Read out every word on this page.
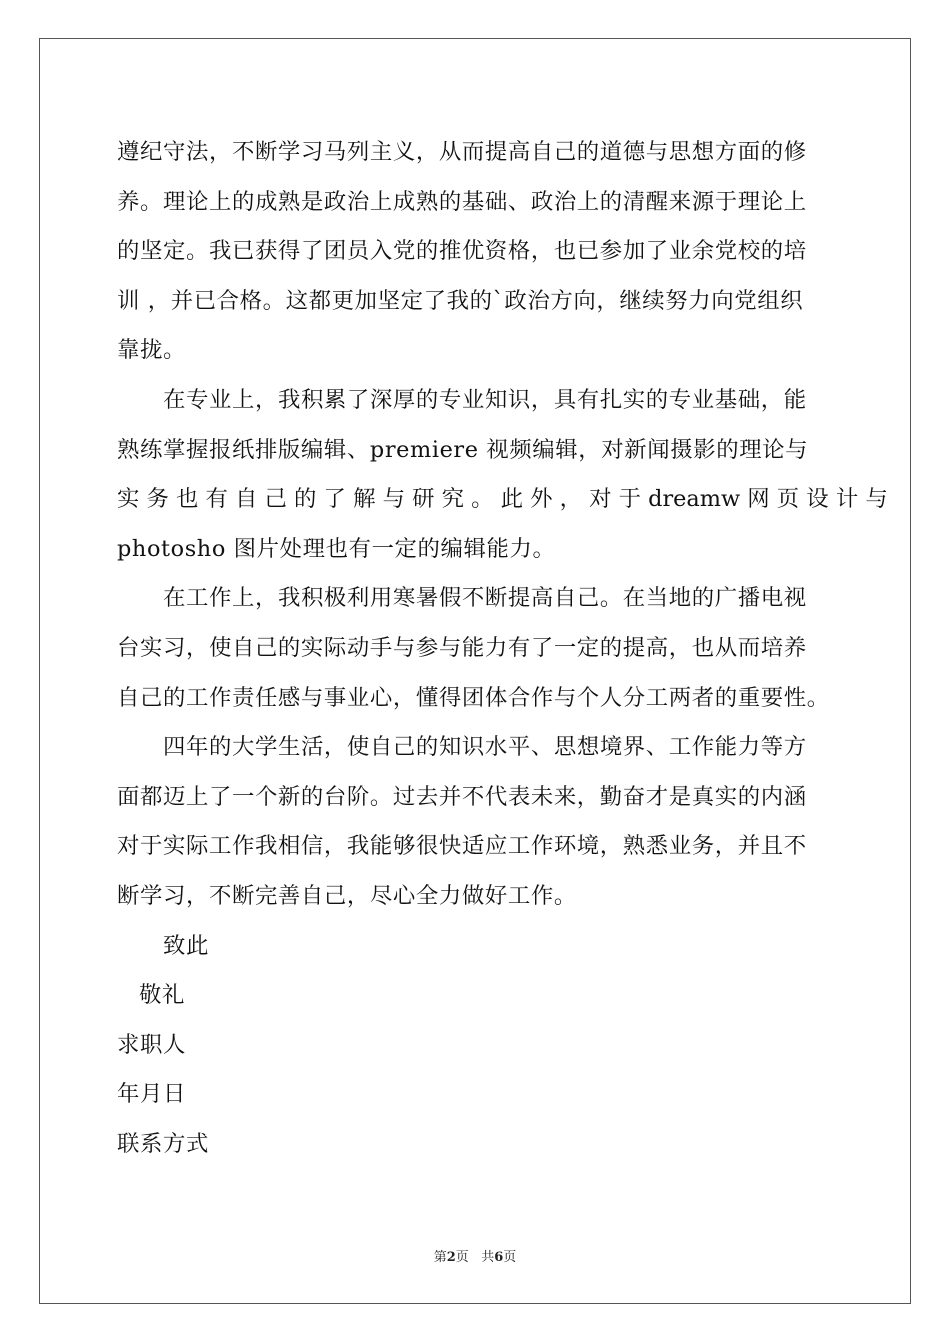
遵纪守法，不断学习马列主义，从而提高自己的道德与思想方面的修
养。理论上的成熟是政治上成熟的基础、政治上的清醒来源于理论上
的坚定。我已获得了团员入党的推优资格，也已参加了业余党校的培
训 ，并已合格。这都更加坚定了我的`政治方向，继续努力向党组织
靠拢。
在专业上，我积累了深厚的专业知识，具有扎实的专业基础，能
熟练掌握报纸排版编辑、premiere 视频编辑，对新闻摄影的理论与
实 务 也 有 自 己 的 了 解 与 研 究 。 此 外 ， 对 于 dreamw 网 页 设 计 与
photosho 图片处理也有一定的编辑能力。
在工作上，我积极利用寒暑假不断提高自己。在当地的广播电视
台实习，使自己的实际动手与参与能力有了一定的提高，也从而培养
自己的工作责任感与事业心，懂得团体合作与个人分工两者的重要性。
四年的大学生活，使自己的知识水平、思想境界、工作能力等方
面都迈上了一个新的台阶。过去并不代表未来，勤奋才是真实的内涵
对于实际工作我相信，我能够很快适应工作环境，熟悉业务，并且不
断学习，不断完善自己，尽心全力做好工作。
致此
敬礼
求职人
年月日
联系方式
第2页 共6页
